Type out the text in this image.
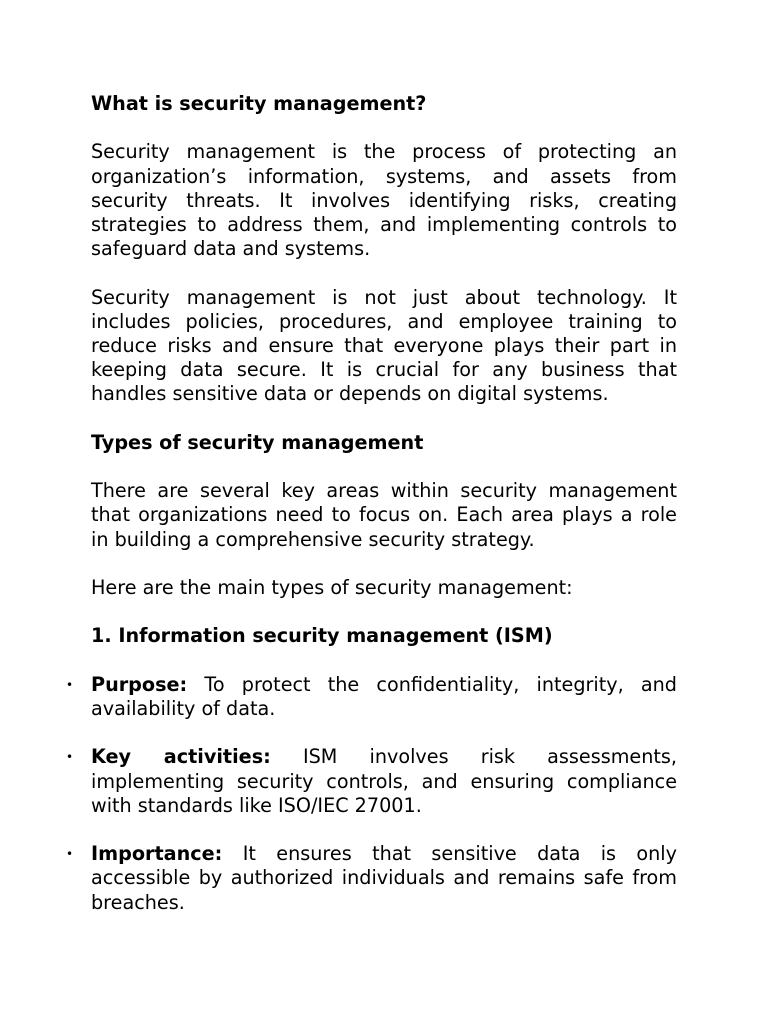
What is security management?

Security management is the process of protecting an organization’s information, systems, and assets from security threats. It involves identifying risks, creating strategies to address them, and implementing controls to safeguard data and systems.

Security management is not just about technology. It includes policies, procedures, and employee training to reduce risks and ensure that everyone plays their part in keeping data secure. It is crucial for any business that handles sensitive data or depends on digital systems.

Types of security management

There are several key areas within security management that organizations need to focus on. Each area plays a role in building a comprehensive security strategy.

Here are the main types of security management:

1. Information security management (ISM)
• Purpose: To protect the confidentiality, integrity, and availability of data.
• Key activities: ISM involves risk assessments, implementing security controls, and ensuring compliance with standards like ISO/IEC 27001.
• Importance: It ensures that sensitive data is only accessible by authorized individuals and remains safe from breaches.
